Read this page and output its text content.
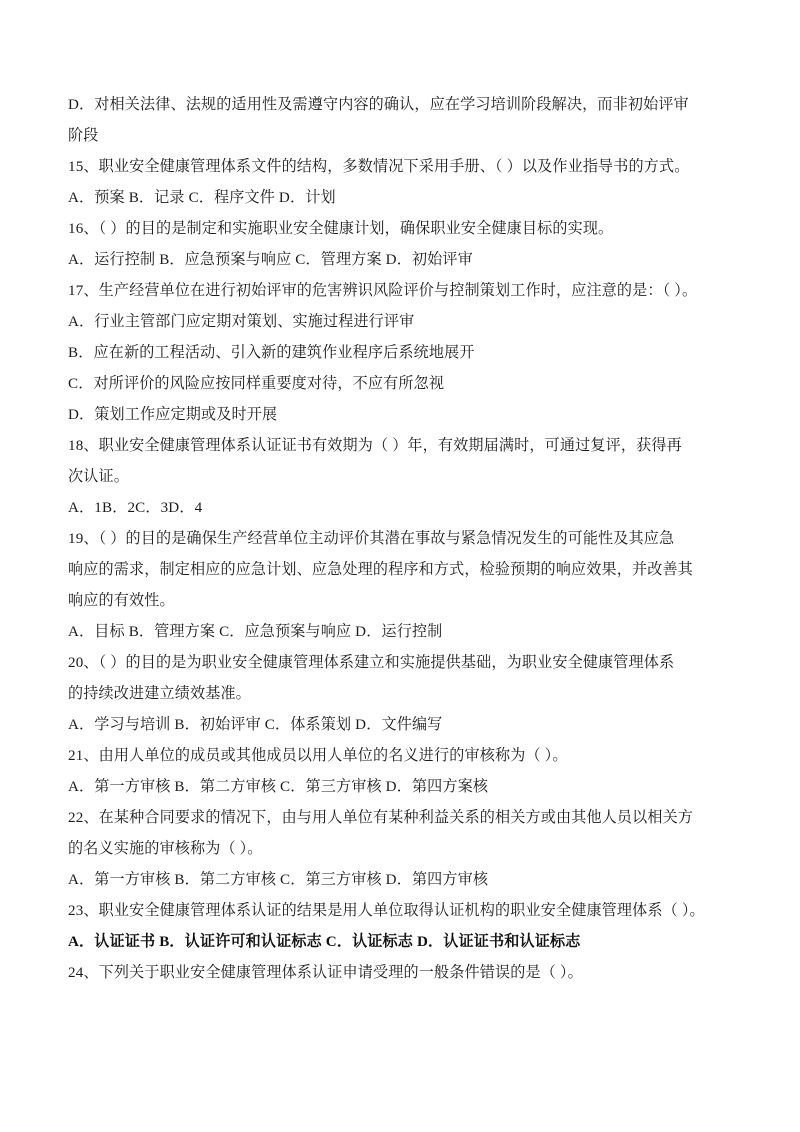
D．对相关法律、法规的适用性及需遵守内容的确认，应在学习培训阶段解决，而非初始评审
阶段
15、职业安全健康管理体系文件的结构，多数情况下采用手册、（ ）以及作业指导书的方式。
A．预案 B．记录 C．程序文件 D．计划
16、（ ）的目的是制定和实施职业安全健康计划，确保职业安全健康目标的实现。
A．运行控制 B．应急预案与响应 C．管理方案 D．初始评审
17、生产经营单位在进行初始评审的危害辨识风险评价与控制策划工作时，应注意的是：（ ）。
A．行业主管部门应定期对策划、实施过程进行评审
B．应在新的工程活动、引入新的建筑作业程序后系统地展开
C．对所评价的风险应按同样重要度对待，不应有所忽视
D．策划工作应定期或及时开展
18、职业安全健康管理体系认证证书有效期为（ ）年，有效期届满时，可通过复评，获得再
次认证。
A．1B．2C．3D．4
19、（ ）的目的是确保生产经营单位主动评价其潜在事故与紧急情况发生的可能性及其应急
响应的需求，制定相应的应急计划、应急处理的程序和方式，检验预期的响应效果，并改善其
响应的有效性。
A．目标 B．管理方案 C．应急预案与响应 D．运行控制
20、（ ）的目的是为职业安全健康管理体系建立和实施提供基础，为职业安全健康管理体系
的持续改进建立绩效基准。
A．学习与培训 B．初始评审 C．体系策划 D．文件编写
21、由用人单位的成员或其他成员以用人单位的名义进行的审核称为（ ）。
A．第一方审核 B．第二方审核 C．第三方审核 D．第四方案核
22、在某种合同要求的情况下，由与用人单位有某种利益关系的相关方或由其他人员以相关方
的名义实施的审核称为（ ）。
A．第一方审核 B．第二方审核 C．第三方审核 D．第四方审核
23、职业安全健康管理体系认证的结果是用人单位取得认证机构的职业安全健康管理体系（ ）。
A．认证证书 B．认证许可和认证标志 C．认证标志 D．认证证书和认证标志
24、下列关于职业安全健康管理体系认证申请受理的一般条件错误的是（ ）。
